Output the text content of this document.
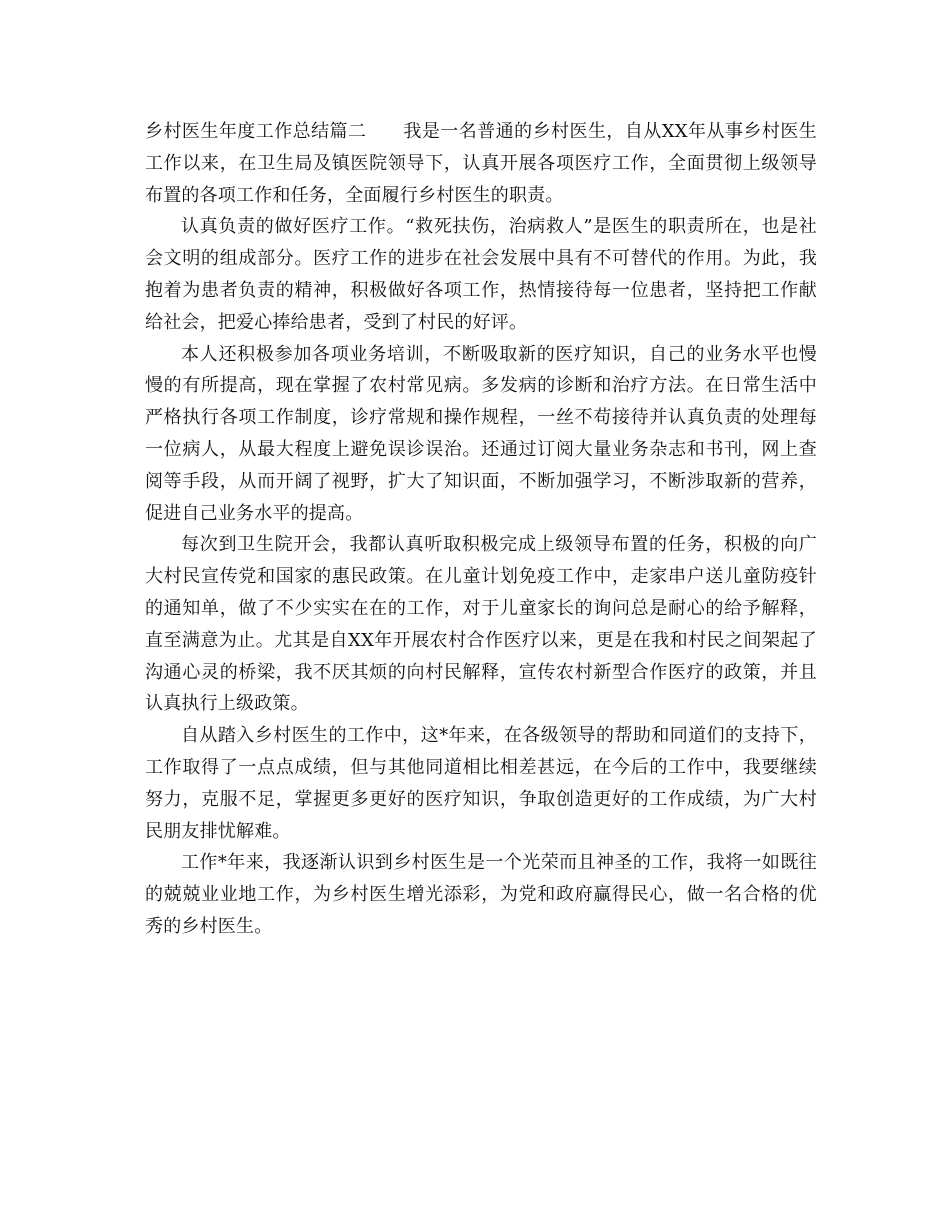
乡村医生年度工作总结篇二　　我是一名普通的乡村医生，自从XX年从事乡村医生工作以来，在卫生局及镇医院领导下，认真开展各项医疗工作，全面贯彻上级领导布置的各项工作和任务，全面履行乡村医生的职责。

认真负责的做好医疗工作。“救死扶伤，治病救人”是医生的职责所在，也是社会文明的组成部分。医疗工作的进步在社会发展中具有不可替代的作用。为此，我抱着为患者负责的精神，积极做好各项工作，热情接待每一位患者，坚持把工作献给社会，把爱心捧给患者，受到了村民的好评。

本人还积极参加各项业务培训，不断吸取新的医疗知识，自己的业务水平也慢慢的有所提高，现在掌握了农村常见病。多发病的诊断和治疗方法。在日常生活中严格执行各项工作制度，诊疗常规和操作规程，一丝不苟接待并认真负责的处理每一位病人，从最大程度上避免误诊误治。还通过订阅大量业务杂志和书刊，网上查阅等手段，从而开阔了视野，扩大了知识面，不断加强学习，不断涉取新的营养，促进自己业务水平的提高。

每次到卫生院开会，我都认真听取积极完成上级领导布置的任务，积极的向广大村民宣传党和国家的惠民政策。在儿童计划免疫工作中，走家串户送儿童防疫针的通知单，做了不少实实在在的工作，对于儿童家长的询问总是耐心的给予解释，直至满意为止。尤其是自XX年开展农村合作医疗以来，更是在我和村民之间架起了沟通心灵的桥梁，我不厌其烦的向村民解释，宣传农村新型合作医疗的政策，并且认真执行上级政策。

自从踏入乡村医生的工作中，这*年来，在各级领导的帮助和同道们的支持下，工作取得了一点点成绩，但与其他同道相比相差甚远，在今后的工作中，我要继续努力，克服不足，掌握更多更好的医疗知识，争取创造更好的工作成绩，为广大村民朋友排忧解难。

工作*年来，我逐渐认识到乡村医生是一个光荣而且神圣的工作，我将一如既往的兢兢业业地工作，为乡村医生增光添彩，为党和政府赢得民心，做一名合格的优秀的乡村医生。
